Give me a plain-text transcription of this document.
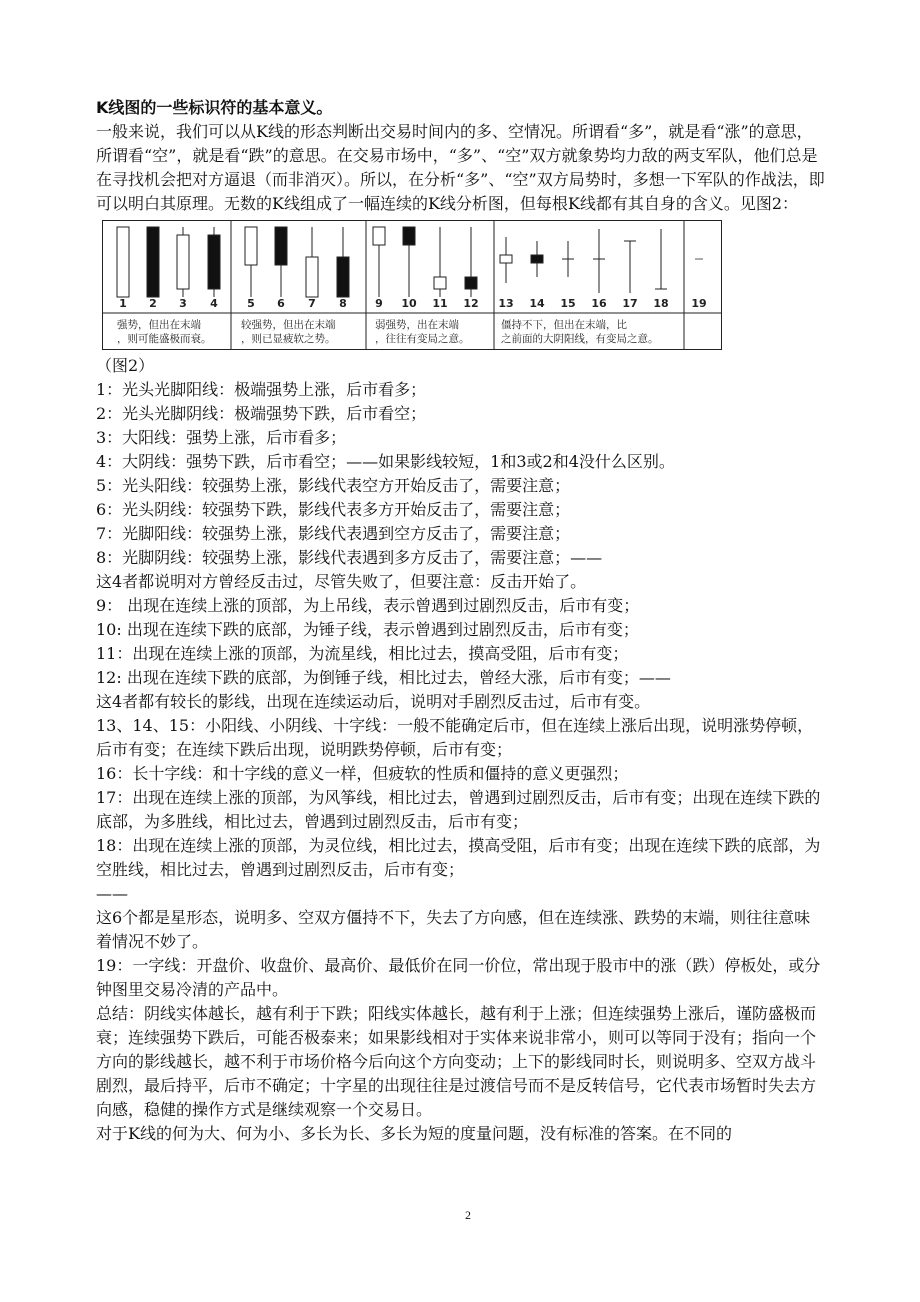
K线图的一些标识符的基本意义。

一般来说，我们可以从K线的形态判断出交易时间内的多、空情况。所谓看“多”，就是看“涨”的意思，所谓看“空”，就是看“跌”的意思。在交易市场中，“多”、“空”双方就象势均力敌的两支军队，他们总是在寻找机会把对方逼退（而非消灭）。所以，在分析“多”、“空”双方局势时，多想一下军队的作战法，即可以明白其原理。无数的K线组成了一幅连续的K线分析图，但每根K线都有其自身的含义。见图2：

1 2 3 4	5 6 7 8	9 10 11 12 13 14 15 16 17 18 19
强势，但出在末端
，则可能盛极而衰。
较强势，但出在末端
，则已显疲软之势。
弱强势，出在末端
，往往有变局之意。
僵持不下，但出在末端，比
之前面的大阴阳线，有变局之意。

（图2）

1：光头光脚阳线：极端强势上涨，后市看多；

2：光头光脚阴线：极端强势下跌，后市看空；

3：大阳线：强势上涨，后市看多；

4：大阴线：强势下跌，后市看空；——如果影线较短，1和3或2和4没什么区别。

5：光头阳线：较强势上涨，影线代表空方开始反击了，需要注意；

6：光头阴线：较强势下跌，影线代表多方开始反击了，需要注意；

7：光脚阳线：较强势上涨，影线代表遇到空方反击了，需要注意；

8：光脚阴线：较强势上涨，影线代表遇到多方反击了，需要注意；——

这4者都说明对方曾经反击过，尽管失败了，但要注意：反击开始了。

9： 出现在连续上涨的顶部，为上吊线，表示曾遇到过剧烈反击，后市有变；

10: 出现在连续下跌的底部，为锤子线，表示曾遇到过剧烈反击，后市有变；

11：出现在连续上涨的顶部，为流星线，相比过去，摸高受阻，后市有变；

12: 出现在连续下跌的底部，为倒锤子线，相比过去，曾经大涨，后市有变；——

这4者都有较长的影线，出现在连续运动后，说明对手剧烈反击过，后市有变。

13、14、15：小阳线、小阴线、十字线：一般不能确定后市，但在连续上涨后出现，说明涨势停顿，后市有变；在连续下跌后出现，说明跌势停顿，后市有变；

16：长十字线：和十字线的意义一样，但疲软的性质和僵持的意义更强烈；

17：出现在连续上涨的顶部，为风筝线，相比过去，曾遇到过剧烈反击，后市有变；出现在连续下跌的底部，为多胜线，相比过去，曾遇到过剧烈反击，后市有变；

18：出现在连续上涨的顶部，为灵位线，相比过去，摸高受阻，后市有变；出现在连续下跌的底部，为空胜线，相比过去，曾遇到过剧烈反击，后市有变；

——

这6个都是星形态，说明多、空双方僵持不下，失去了方向感，但在连续涨、跌势的末端，则往往意味着情况不妙了。

19：一字线：开盘价、收盘价、最高价、最低价在同一价位，常出现于股市中的涨（跌）停板处，或分钟图里交易冷清的产品中。

总结：阴线实体越长，越有利于下跌；阳线实体越长，越有利于上涨；但连续强势上涨后，谨防盛极而衰；连续强势下跌后，可能否极泰来；如果影线相对于实体来说非常小，则可以等同于没有；指向一个方向的影线越长，越不利于市场价格今后向这个方向变动；上下的影线同时长，则说明多、空双方战斗剧烈，最后持平，后市不确定；十字星的出现往往是过渡信号而不是反转信号，它代表市场暂时失去方向感，稳健的操作方式是继续观察一个交易日。

对于K线的何为大、何为小、多长为长、多长为短的度量问题，没有标准的答案。在不同的

2
